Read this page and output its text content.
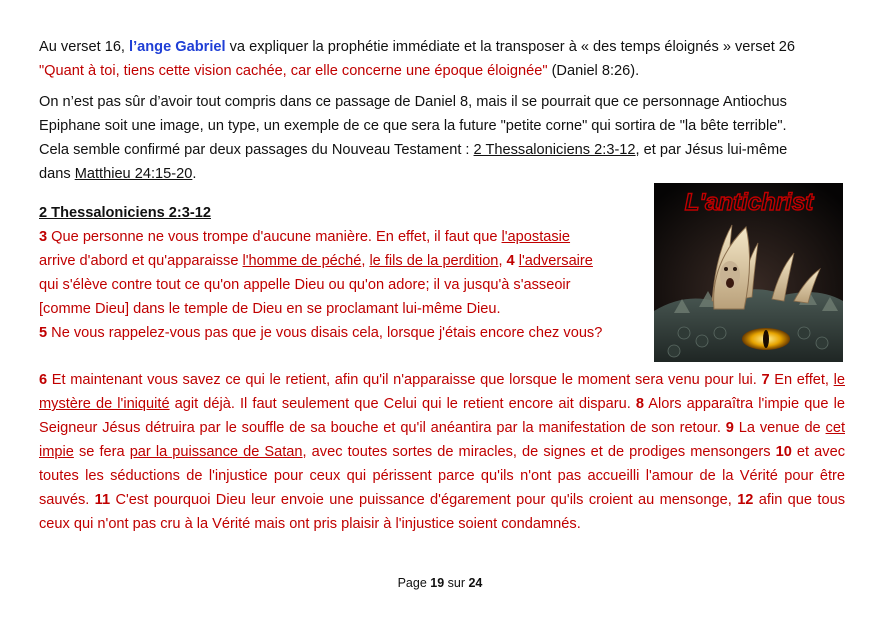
Au verset 16, l’ange Gabriel va expliquer la prophétie immédiate et la transposer à « des temps éloignés » verset 26
"Quant à toi, tiens cette vision cachée, car elle concerne une époque éloignée" (Daniel 8:26).
On n’est pas sûr d’avoir tout compris dans ce passage de Daniel 8, mais il se pourrait que ce personnage Antiochus
Epiphane soit une image, un type, un exemple de ce que sera la future "petite corne" qui sortira de "la bête terrible".
Cela semble confirmé par deux passages du Nouveau Testament : 2 Thessaloniciens 2:3-12, et par Jésus lui-même
dans Matthieu 24:15-20.
2 Thessaloniciens 2:3-12
3 Que personne ne vous trompe d'aucune manière. En effet, il faut que l'apostasie
arrive d'abord et qu'apparaisse l'homme de péché, le fils de la perdition, 4 l'adversaire
qui s'élève contre tout ce qu'on appelle Dieu ou qu'on adore; il va jusqu'à s'asseoir
[comme Dieu] dans le temple de Dieu en se proclamant lui-même Dieu.
5 Ne vous rappelez-vous pas que je vous disais cela, lorsque j'étais encore chez vous?
L'antichrist
6 Et maintenant vous savez ce qui le retient, afin qu'il n'apparaisse que lorsque le moment sera venu pour lui. 7 En effet, le mystère de l'iniquité agit déjà. Il faut seulement que Celui qui le retient encore ait disparu. 8 Alors apparaîtra l'impie que le Seigneur Jésus détruira par le souffle de sa bouche et qu'il anéantira par la manifestation de son retour. 9 La venue de cet impie se fera par la puissance de Satan, avec toutes sortes de miracles, de signes et de prodiges mensongers 10 et avec toutes les séductions de l'injustice pour ceux qui périssent parce qu'ils n'ont pas accueilli l'amour de la Vérité pour être sauvés. 11 C'est pourquoi Dieu leur envoie une puissance d'égarement pour qu'ils croient au mensonge, 12 afin que tous ceux qui n'ont pas cru à la Vérité mais ont pris plaisir à l'injustice soient condamnés.
Page 19 sur 24
